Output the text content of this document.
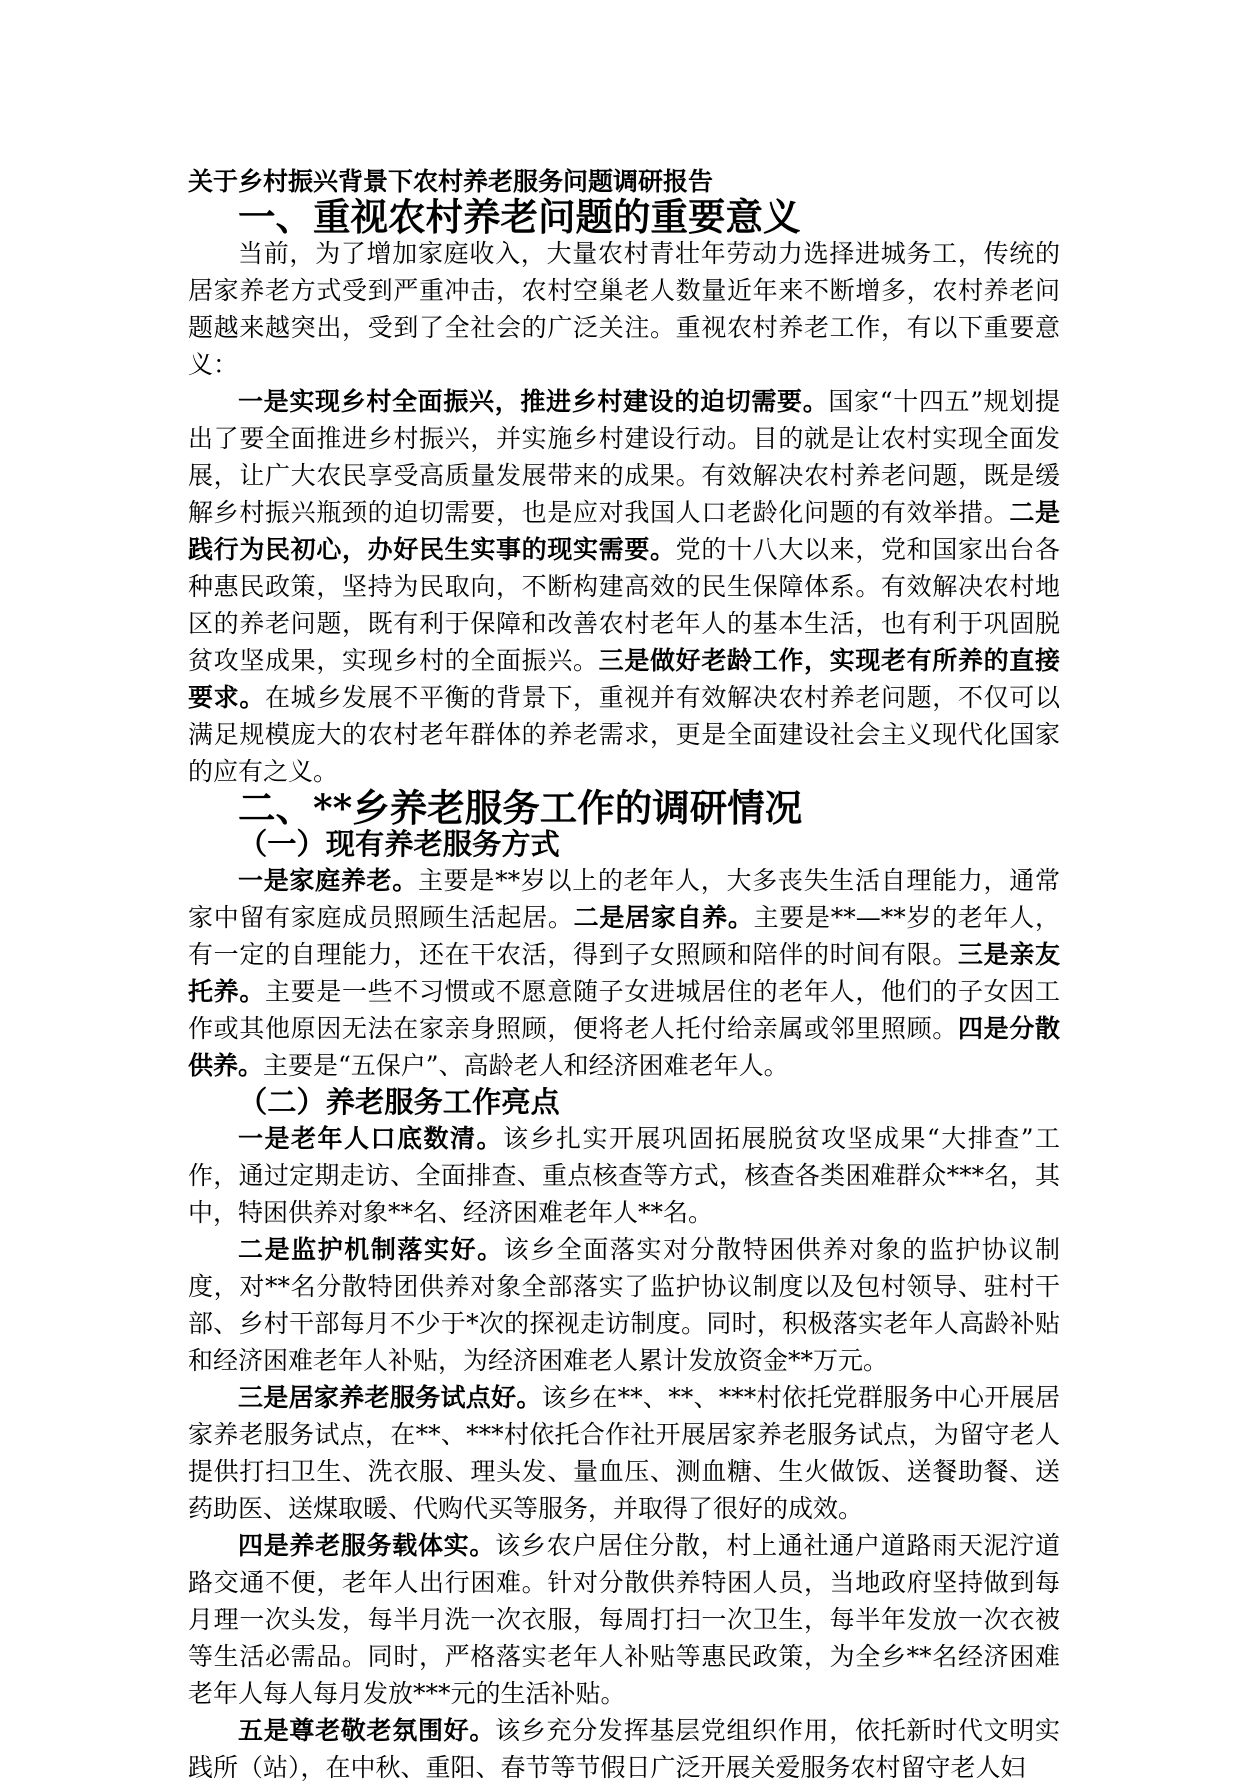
关于乡村振兴背景下农村养老服务问题调研报告
一、重视农村养老问题的重要意义

当前，为了增加家庭收入，大量农村青壮年劳动力选择进城务工，传统的居家养老方式受到严重冲击，农村空巢老人数量近年来不断增多，农村养老问题越来越突出，受到了全社会的广泛关注。重视农村养老工作，有以下重要意义：

一是实现乡村全面振兴，推进乡村建设的迫切需要。国家“十四五”规划提出了要全面推进乡村振兴，并实施乡村建设行动。目的就是让农村实现全面发展，让广大农民享受高质量发展带来的成果。有效解决农村养老问题，既是缓解乡村振兴瓶颈的迫切需要，也是应对我国人口老龄化问题的有效举措。二是践行为民初心，办好民生实事的现实需要。党的十八大以来，党和国家出台各种惠民政策，坚持为民取向，不断构建高效的民生保障体系。有效解决农村地区的养老问题，既有利于保障和改善农村老年人的基本生活，也有利于巩固脱贫攻坚成果，实现乡村的全面振兴。三是做好老龄工作，实现老有所养的直接要求。在城乡发展不平衡的背景下，重视并有效解决农村养老问题，不仅可以满足规模庞大的农村老年群体的养老需求，更是全面建设社会主义现代化国家的应有之义。

二、**乡养老服务工作的调研情况
（一）现有养老服务方式

一是家庭养老。主要是**岁以上的老年人，大多丧失生活自理能力，通常家中留有家庭成员照顾生活起居。二是居家自养。主要是**—**岁的老年人，有一定的自理能力，还在干农活，得到子女照顾和陪伴的时间有限。三是亲友托养。主要是一些不习惯或不愿意随子女进城居住的老年人，他们的子女因工作或其他原因无法在家亲身照顾，便将老人托付给亲属或邻里照顾。四是分散供养。主要是“五保户”、高龄老人和经济困难老年人。

（二）养老服务工作亮点

一是老年人口底数清。该乡扎实开展巩固拓展脱贫攻坚成果“大排查”工作，通过定期走访、全面排查、重点核查等方式，核查各类困难群众***名，其中，特困供养对象**名、经济困难老年人**名。

二是监护机制落实好。该乡全面落实对分散特困供养对象的监护协议制度，对**名分散特团供养对象全部落实了监护协议制度以及包村领导、驻村干部、乡村干部每月不少于*次的探视走访制度。同时，积极落实老年人高龄补贴和经济困难老年人补贴，为经济困难老人累计发放资金**万元。

三是居家养老服务试点好。该乡在**、**、***村依托党群服务中心开展居家养老服务试点，在**、***村依托合作社开展居家养老服务试点，为留守老人提供打扫卫生、洗衣服、理头发、量血压、测血糖、生火做饭、送餐助餐、送药助医、送煤取暖、代购代买等服务，并取得了很好的成效。

四是养老服务载体实。该乡农户居住分散，村上通社通户道路雨天泥泞道路交通不便，老年人出行困难。针对分散供养特困人员，当地政府坚持做到每月理一次头发，每半月洗一次衣服，每周打扫一次卫生，每半年发放一次衣被等生活必需品。同时，严格落实老年人补贴等惠民政策，为全乡**名经济困难老年人每人每月发放***元的生活补贴。

五是尊老敬老氛围好。该乡充分发挥基层党组织作用，依托新时代文明实践所（站），在中秋、重阳、春节等节假日广泛开展关爱服务农村留守老人妇
